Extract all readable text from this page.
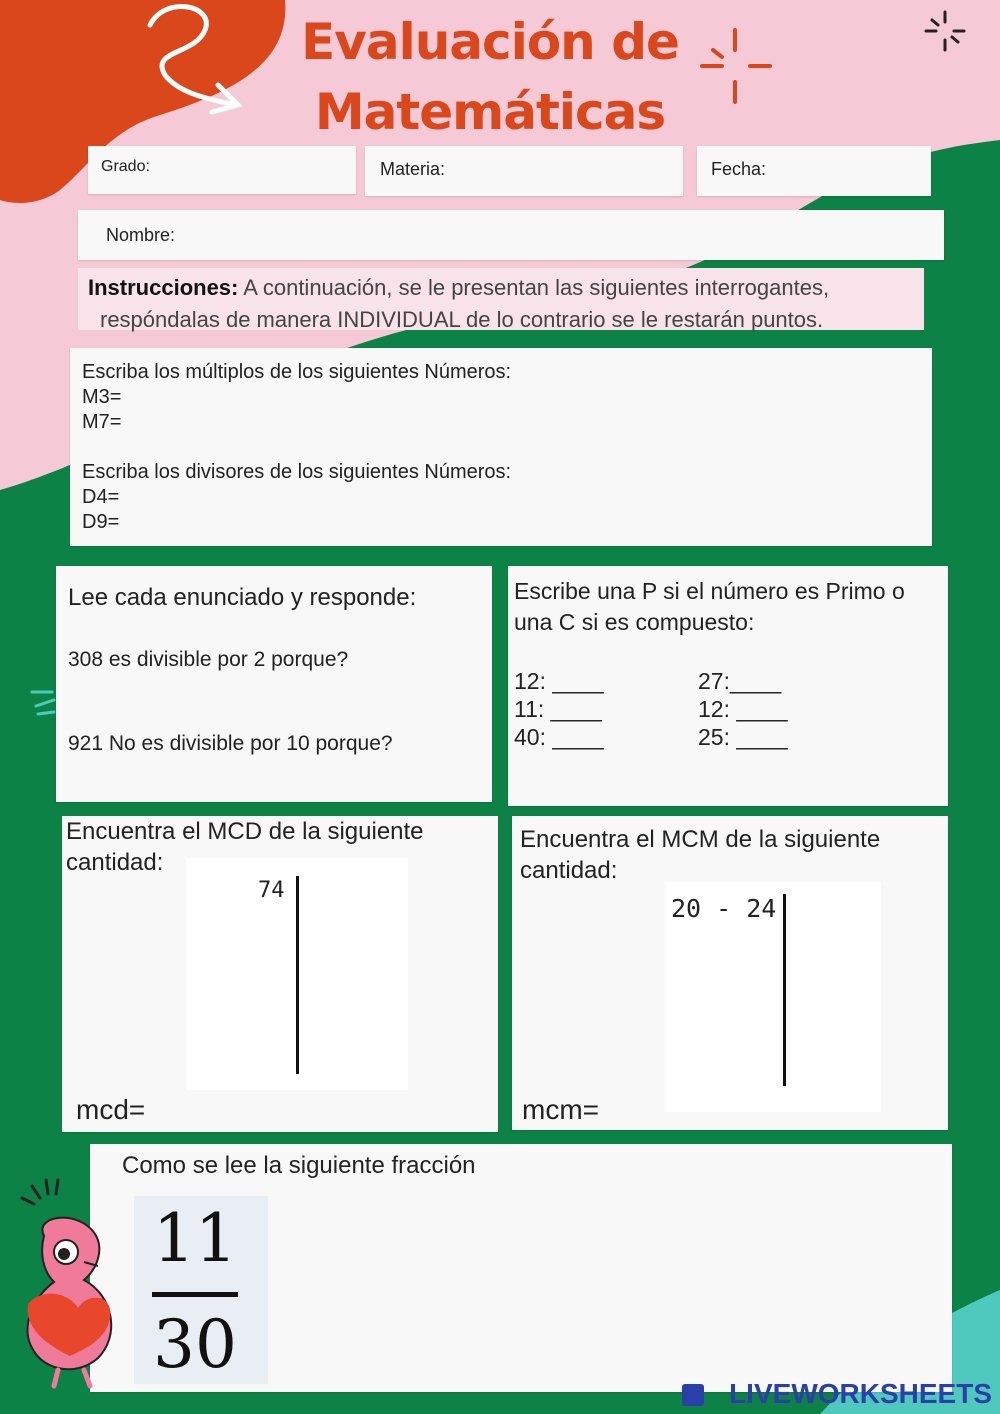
Evaluación de
Matemáticas
Grado:	Materia:	Fecha:
Nombre:
Instrucciones: A continuación, se le presentan las siguientes interrogantes,
respóndalas de manera INDIVIDUAL de lo contrario se le restarán puntos.
Escriba los múltiplos de los siguientes Números:
M3=
M7=

Escriba los divisores de los siguientes Números:
D4=
D9=
Lee cada enunciado y responde:
308 es divisible por 2 porque?
921 No es divisible por 10 porque?
Escribe una P si el número es Primo o
una C si es compuesto:
12: ____
11: ____
40: ____
27:____
12: ____
25: ____
Encuentra el MCD de la siguiente
cantidad:
74
mcd=
Encuentra el MCM de la siguiente
cantidad:
20 - 24
mcm=
Como se lee la siguiente fracción
11
30
LIVEWORKSHEETS
